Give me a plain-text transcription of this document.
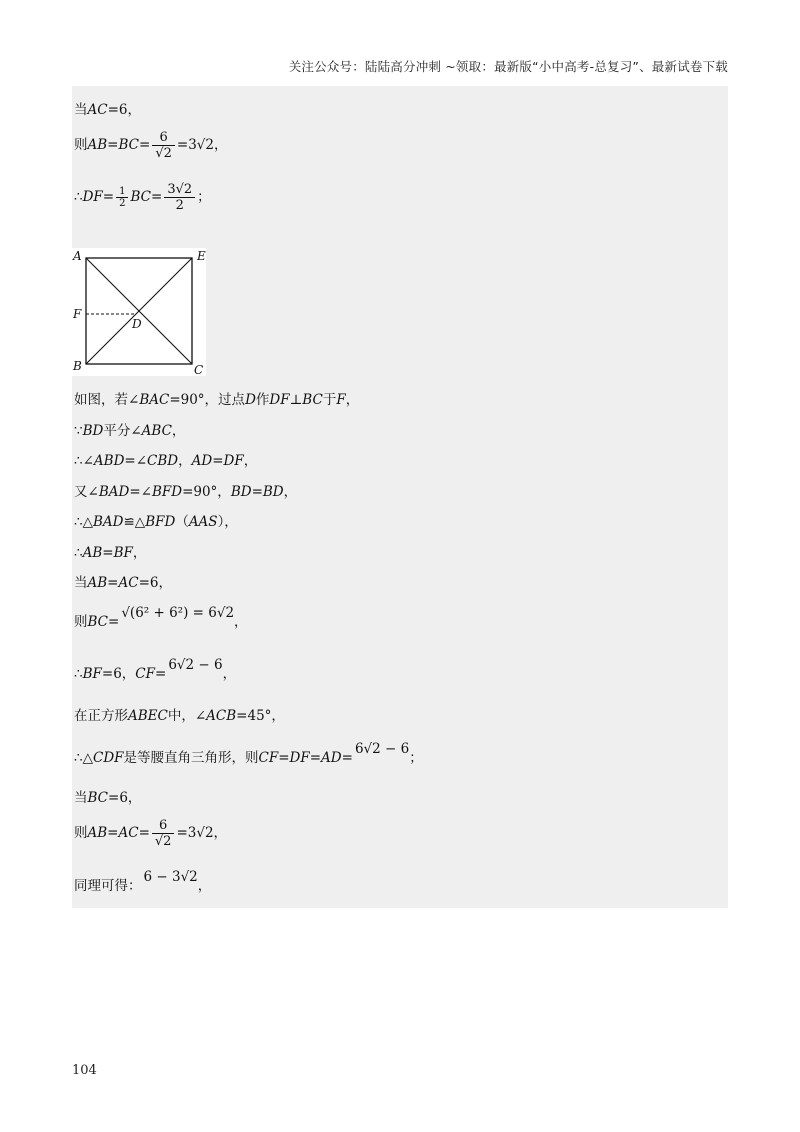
关注公众号：陆陆高分冲刺 ~领取：最新版“小中高考-总复习”、最新试卷下载
当AC=6，
则$AB=BC= \frac{6}{√2} =3√2$，
∴DF= $\frac{1}{2} BC= \frac{3√2}{2}$ ；
A	E
F
D
B	C
如图，若∠BAC=90°，过点D作DF⊥BC于F，
∵BD平分∠ABC，
∴∠ABD=∠CBD，AD=DF，
又∠BAD=∠BFD=90°，BD=BD，
∴△BAD≌△BFD（AAS），
∴AB=BF，
当AB=AC=6，
则BC=√(6² + 6²) = 6√2，
∴BF=6，CF=6√2 − 6，
在正方形ABEC中，∠ACB=45°，
∴△CDF是等腰直角三角形，则CF=DF=AD=6√2 − 6；
当BC=6，
则$AB=AC= \frac{6}{√2} =3√2$，
同理可得：6 − 3√2，
104
